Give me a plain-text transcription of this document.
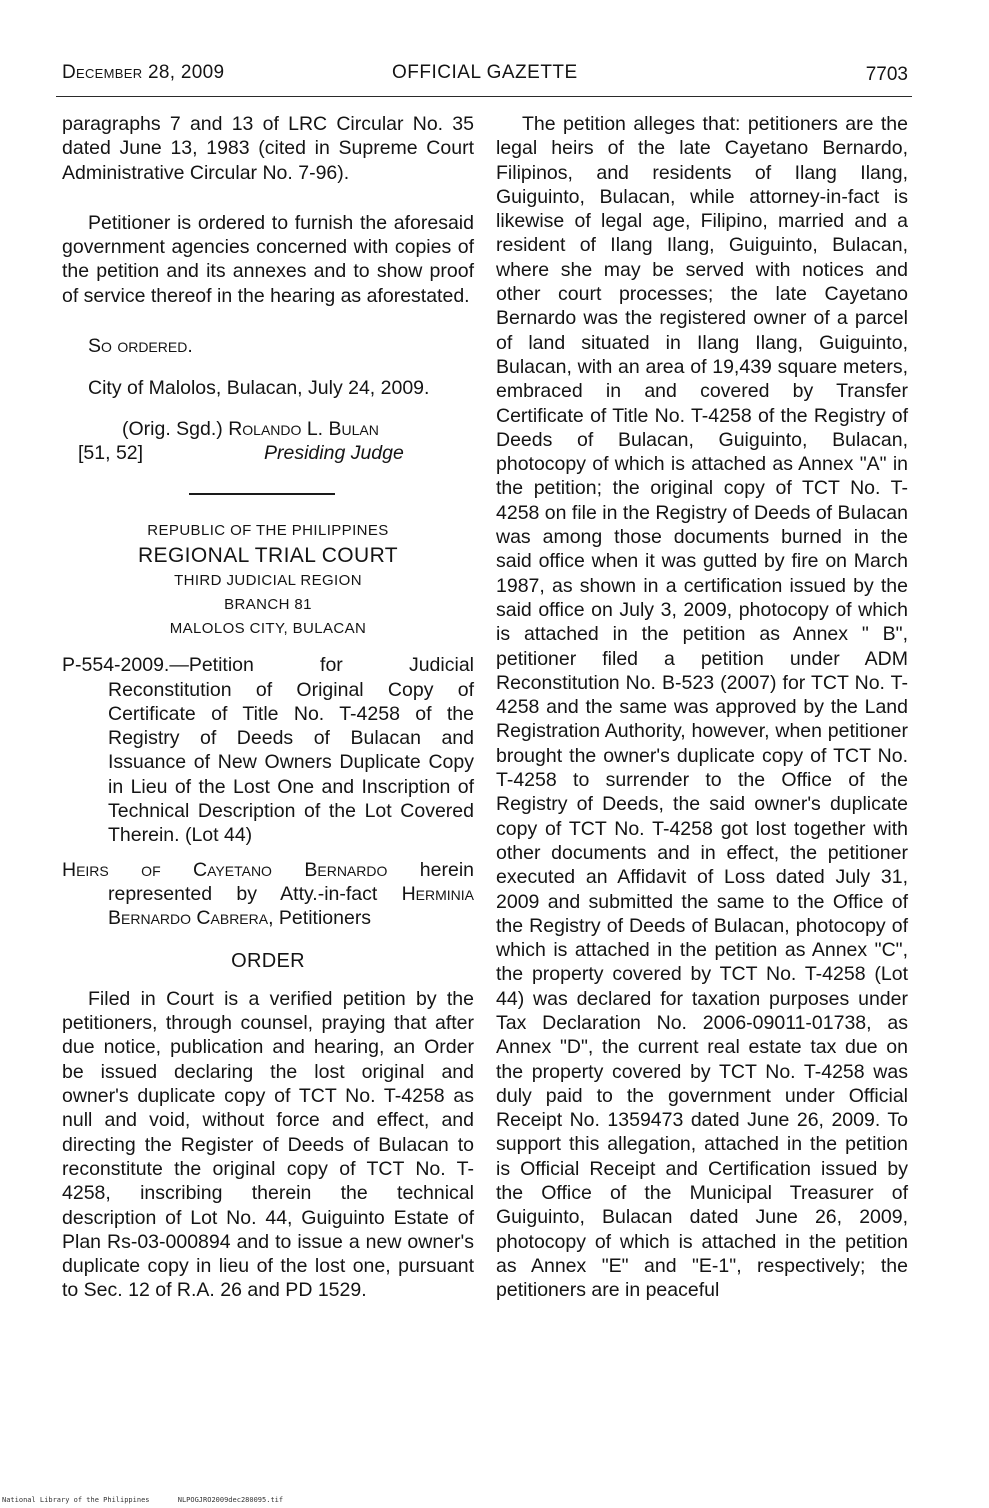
December 28, 2009	OFFICIAL GAZETTE	7703

paragraphs 7 and 13 of LRC Circular No. 35 dated June 13, 1983 (cited in Supreme Court Administrative Circular No. 7-96).

Petitioner is ordered to furnish the aforesaid government agencies concerned with copies of the petition and its annexes and to show proof of service thereof in the hearing as aforestated.

So ordered.

City of Malolos, Bulacan, July 24, 2009.

(Orig. Sgd.) Rolando L. Bulan
[51, 52]	Presiding Judge
REPUBLIC OF THE PHILIPPINES
REGIONAL TRIAL COURT
THIRD JUDICIAL REGION
BRANCH 81
MALOLOS CITY, BULACAN

P-554-2009.—Petition for Judicial Reconstitution of Original Copy of Certificate of Title No. T-4258 of the Registry of Deeds of Bulacan and Issuance of New Owners Duplicate Copy in Lieu of the Lost One and Inscription of Technical Description of the Lot Covered Therein. (Lot 44)

Heirs of Cayetano Bernardo herein represented by Atty.-in-fact Herminia Bernardo Cabrera, Petitioners

ORDER

Filed in Court is a verified petition by the petitioners, through counsel, praying that after due notice, publication and hearing, an Order be issued declaring the lost original and owner's duplicate copy of TCT No. T-4258 as null and void, without force and effect, and directing the Register of Deeds of Bulacan to reconstitute the original copy of TCT No. T-4258, inscribing therein the technical description of Lot No. 44, Guiguinto Estate of Plan Rs-03-000894 and to issue a new owner's duplicate copy in lieu of the lost one, pursuant to Sec. 12 of R.A. 26 and PD 1529.

The petition alleges that: petitioners are the legal heirs of the late Cayetano Bernardo, Filipinos, and residents of Ilang Ilang, Guiguinto, Bulacan, while attorney-in-fact is likewise of legal age, Filipino, married and a resident of Ilang Ilang, Guiguinto, Bulacan, where she may be served with notices and other court processes; the late Cayetano Bernardo was the registered owner of a parcel of land situated in Ilang Ilang, Guiguinto, Bulacan, with an area of 19,439 square meters, embraced in and covered by Transfer Certificate of Title No. T-4258 of the Registry of Deeds of Bulacan, Guiguinto, Bulacan, photocopy of which is attached as Annex "A" in the petition; the original copy of TCT No. T-4258 on file in the Registry of Deeds of Bulacan was among those documents burned in the said office when it was gutted by fire on March 1987, as shown in a certification issued by the said office on July 3, 2009, photocopy of which is attached in the petition as Annex " B", petitioner filed a petition under ADM Reconstitution No. B-523 (2007) for TCT No. T-4258 and the same was approved by the Land Registration Authority, however, when petitioner brought the owner's duplicate copy of TCT No. T-4258 to surrender to the Office of the Registry of Deeds, the said owner's duplicate copy of TCT No. T-4258 got lost together with other documents and in effect, the petitioner executed an Affidavit of Loss dated July 31, 2009 and submitted the same to the Office of the Registry of Deeds of Bulacan, photocopy of which is attached in the petition as Annex "C", the property covered by TCT No. T-4258 (Lot 44) was declared for taxation purposes under Tax Declaration No. 2006-09011-01738, as Annex "D", the current real estate tax due on the property covered by TCT No. T-4258 was duly paid to the government under Official Receipt No. 1359473 dated June 26, 2009. To support this allegation, attached in the petition is Official Receipt and Certification issued by the Office of the Municipal Treasurer of Guiguinto, Bulacan dated June 26, 2009, photocopy of which is attached in the petition as Annex "E" and "E-1", respectively; the petitioners are in peaceful

National Library of the Philippines	NLPOGJRO2009dec280095.tif
